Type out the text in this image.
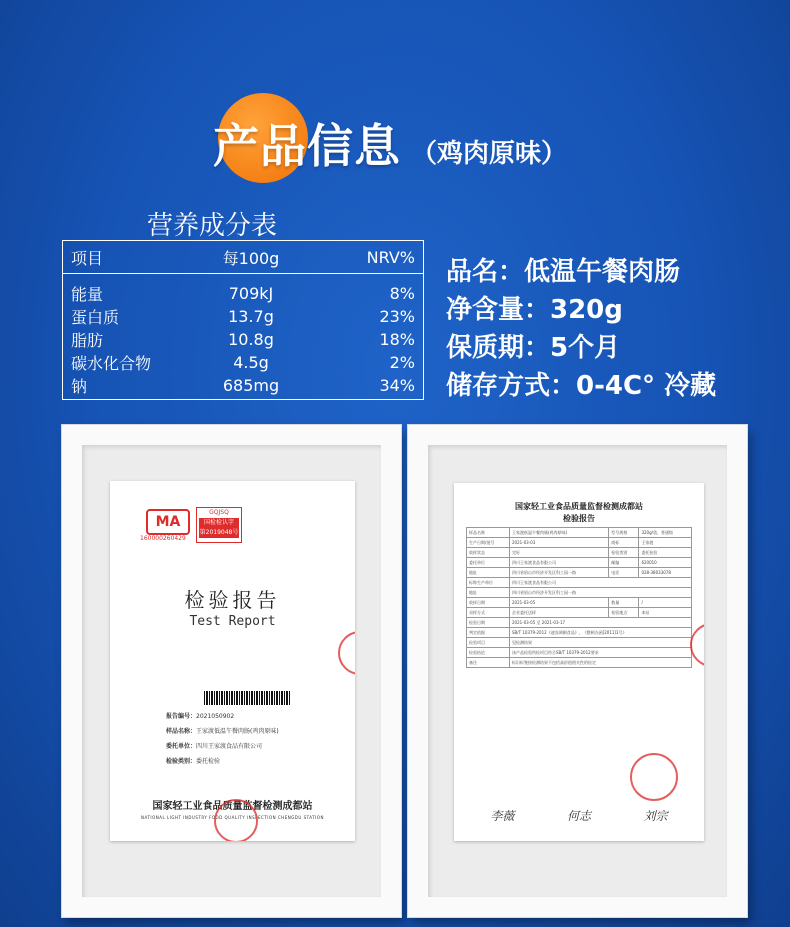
产品信息 （鸡肉原味）
营养成分表
项目	每100g	NRV%
能量	709kJ	8%
蛋白质	13.7g	23%
脂肪	10.8g	18%
碳水化合物	4.5g	2%
钠	685mg	34%
品名：低温午餐肉肠
净含量：320g
保质期：5个月
储存方式：0-4C° 冷藏
MA
160000260429
GQJSQ
国检检认字
第2019048号
检验报告
Test Report
报告编号：2021050902
样品名称：王家渡低温午餐肉肠(鸡肉原味)
委托单位：四川王家渡食品有限公司
检验类别：委托检验
国家轻工业食品质量监督检测成都站
NATIONAL LIGHT INDUSTRY FOOD QUALITY INSPECTION CHENGDU STATION
国家轻工业食品质量监督检测成都站
检验报告
样品名称	王家渡低温午餐肉肠(鸡肉原味)	型号规格	320g/袋，普通级
生产日期/批号	2021-03-03	商标	王家渡
收样状态	完好	检验类别	委托检验
委托单位	四川王家渡食品有限公司	邮编	620010
地址	四川省眉山市经济开发区科工园一路	电话	028-38033078
标称生产单位	四川王家渡食品有限公司		
地址	四川省眉山市经济开发区科工园一路		
收样日期	2021-03-05	数量	/
采样方式	企业委托送样	检验地点	本站
检验日期	2021-03-05 至 2021-03-17		
判定依据	SB/T 10379-2012《速冻调制食品》、《整顿办函[2011]1号》		
检验项目	见检测结果		
检验结论	该产品检验所检项目符合SB/T 10379-2012要求		
备注	标识标签按检测结果不包括高价值相关性的检定		
李薇	何志	刘宗
